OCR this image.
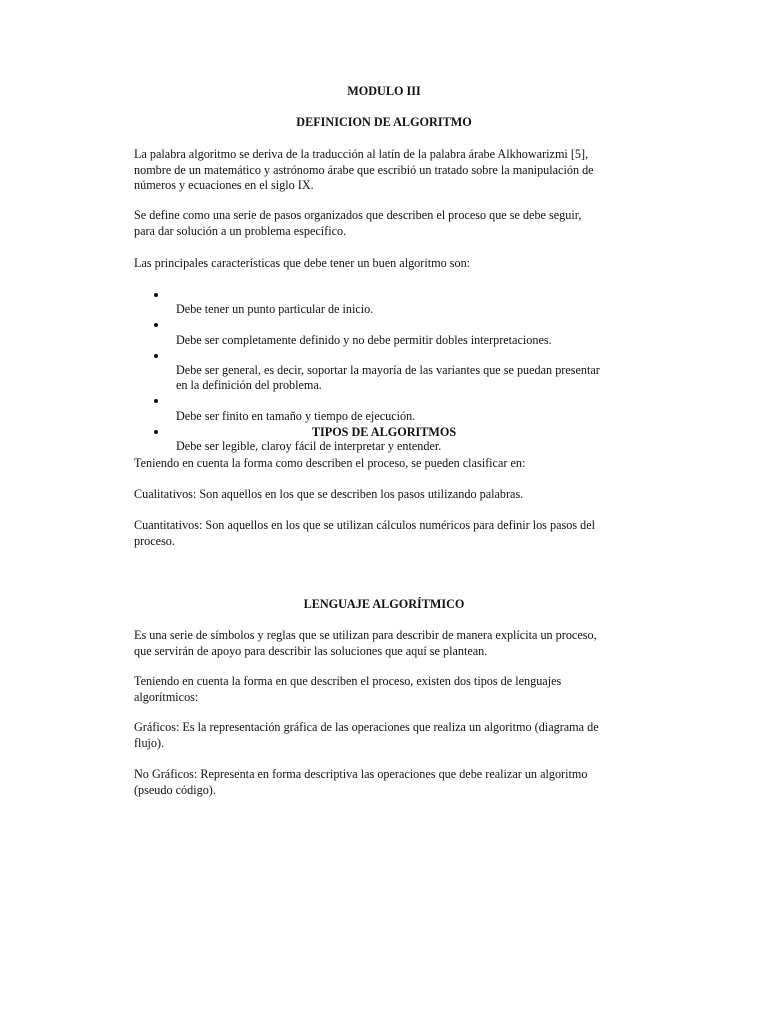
MODULO III
DEFINICION DE ALGORITMO
La palabra algoritmo se deriva de la traducción al latín de la palabra árabe Alkhowarizmi [5],
nombre de un matemático y astrónomo árabe que escribió un tratado sobre la manipulación de
números y ecuaciones en el siglo IX.
Se define como una serie de pasos organizados que describen el proceso que se debe seguir,
para dar solución a un problema específico.
Las principales características que debe tener un buen algoritmo son:

Debe tener un punto particular de inicio.

Debe ser completamente definido y no debe permitir dobles interpretaciones.

Debe ser general, es decir, soportar la mayoría de las variantes que se puedan presentar
en la definición del problema.

Debe ser finito en tamaño y tiempo de ejecución.

Debe ser legible, claroy fácil de interpretar y entender.

TIPOS DE ALGORITMOS
Teniendo en cuenta la forma como describen el proceso, se pueden clasificar en:
Cualitativos: Son aquellos en los que se describen los pasos utilizando palabras.
Cuantitativos: Son aquellos en los que se utilizan cálculos numéricos para definir los pasos del
proceso.
LENGUAJE ALGORÍTMICO
Es una serie de símbolos y reglas que se utilizan para describir de manera explícita un proceso,
que servirán de apoyo para describir las soluciones que aquí se plantean.
Teniendo en cuenta la forma en que describen el proceso, existen dos tipos de lenguajes
algorítmicos:
Gráficos: Es la representación gráfica de las operaciones que realiza un algoritmo (diagrama de
flujo).
No Gráficos: Representa en forma descriptiva las operaciones que debe realizar un algoritmo
(pseudo código).
